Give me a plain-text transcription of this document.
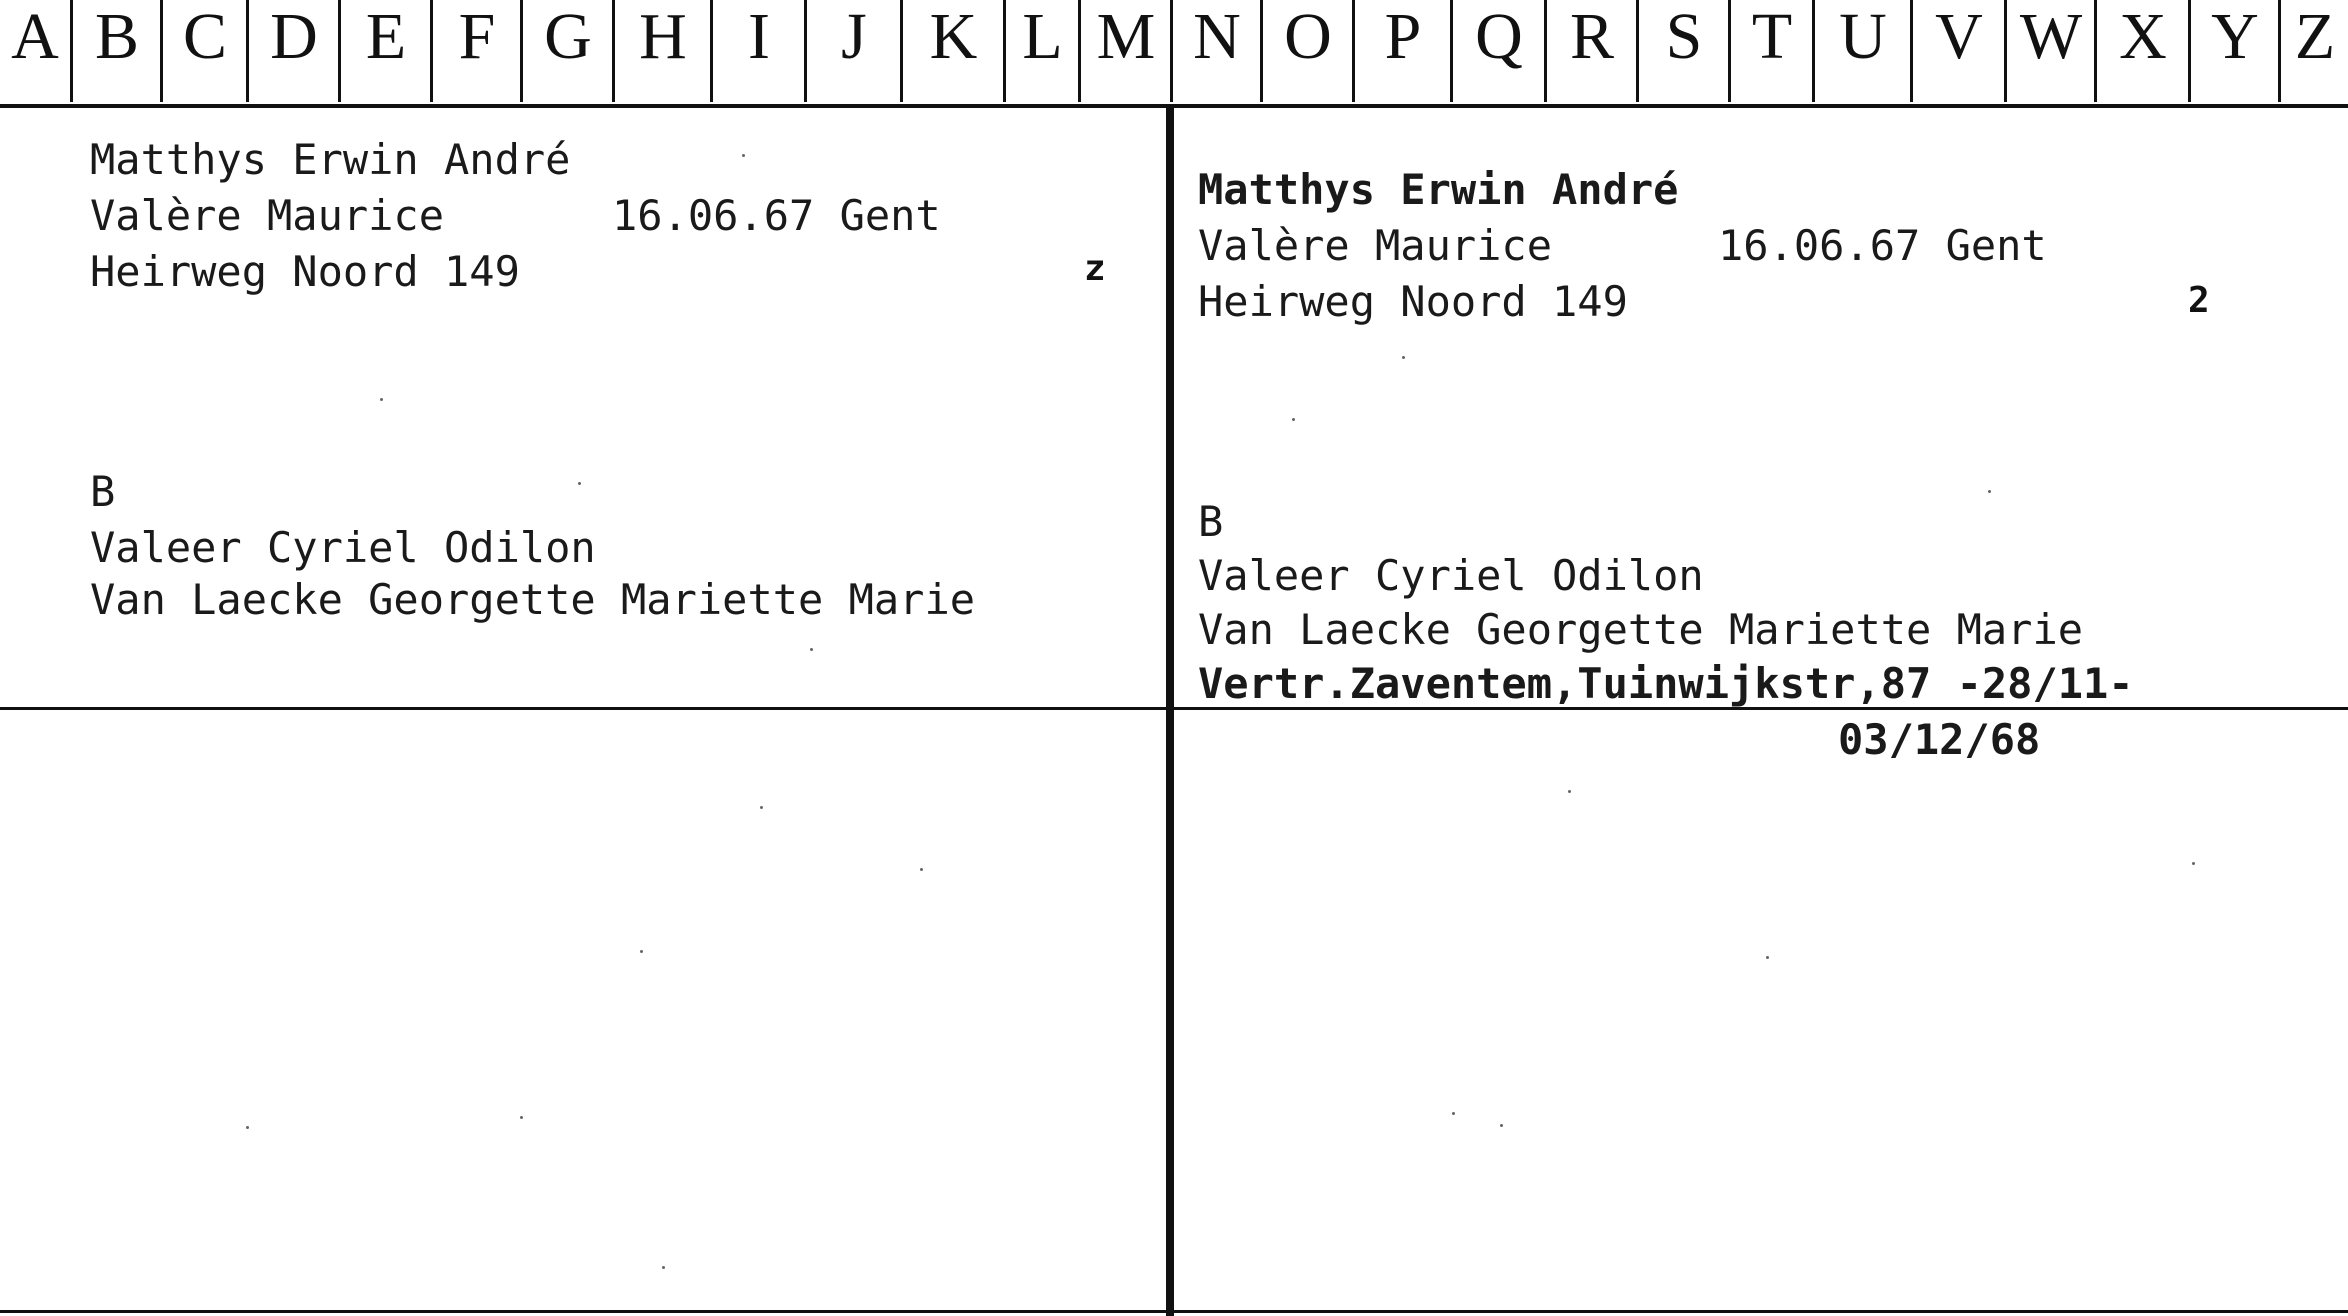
A B C D E F G H I	J K L M N O P Q R S T U V W X Y Z
Matthys Erwin André
Valère Maurice	16.06.67 Gent
Heirweg Noord 149	z
B
Valeer Cyriel Odilon
Van Laecke Georgette Mariette Marie
Matthys Erwin André
Valère Maurice	16.06.67 Gent
Heirweg Noord 149	2
B
Valeer Cyriel Odilon
Van Laecke Georgette Mariette Marie
Vertr.Zaventem,Tuinwijkstr,87 -28/11-
03/12/68
